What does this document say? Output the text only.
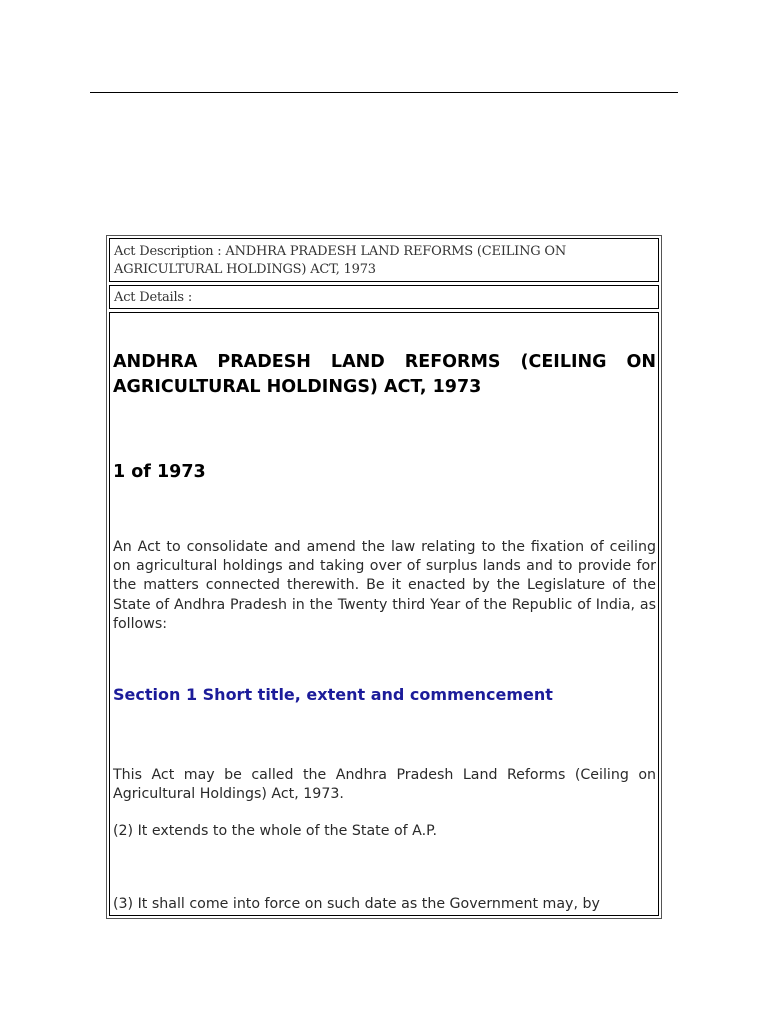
Act Description : ANDHRA PRADESH LAND REFORMS (CEILING ON AGRICULTURAL HOLDINGS) ACT, 1973
Act Details :
ANDHRA PRADESH LAND REFORMS (CEILING ON AGRICULTURAL HOLDINGS) ACT, 1973
1 of 1973

An Act to consolidate and amend the law relating to the fixation of ceiling on agricultural holdings and taking over of surplus lands and to provide for the matters connected therewith. Be it enacted by the Legislature of the State of Andhra Pradesh in the Twenty third Year of the Republic of India, as follows:

Section 1 Short title, extent and commencement

This Act may be called the Andhra Pradesh Land Reforms (Ceiling on Agricultural Holdings) Act, 1973.

(2) It extends to the whole of the State of A.P.

(3) It shall come into force on such date as the Government may, by
